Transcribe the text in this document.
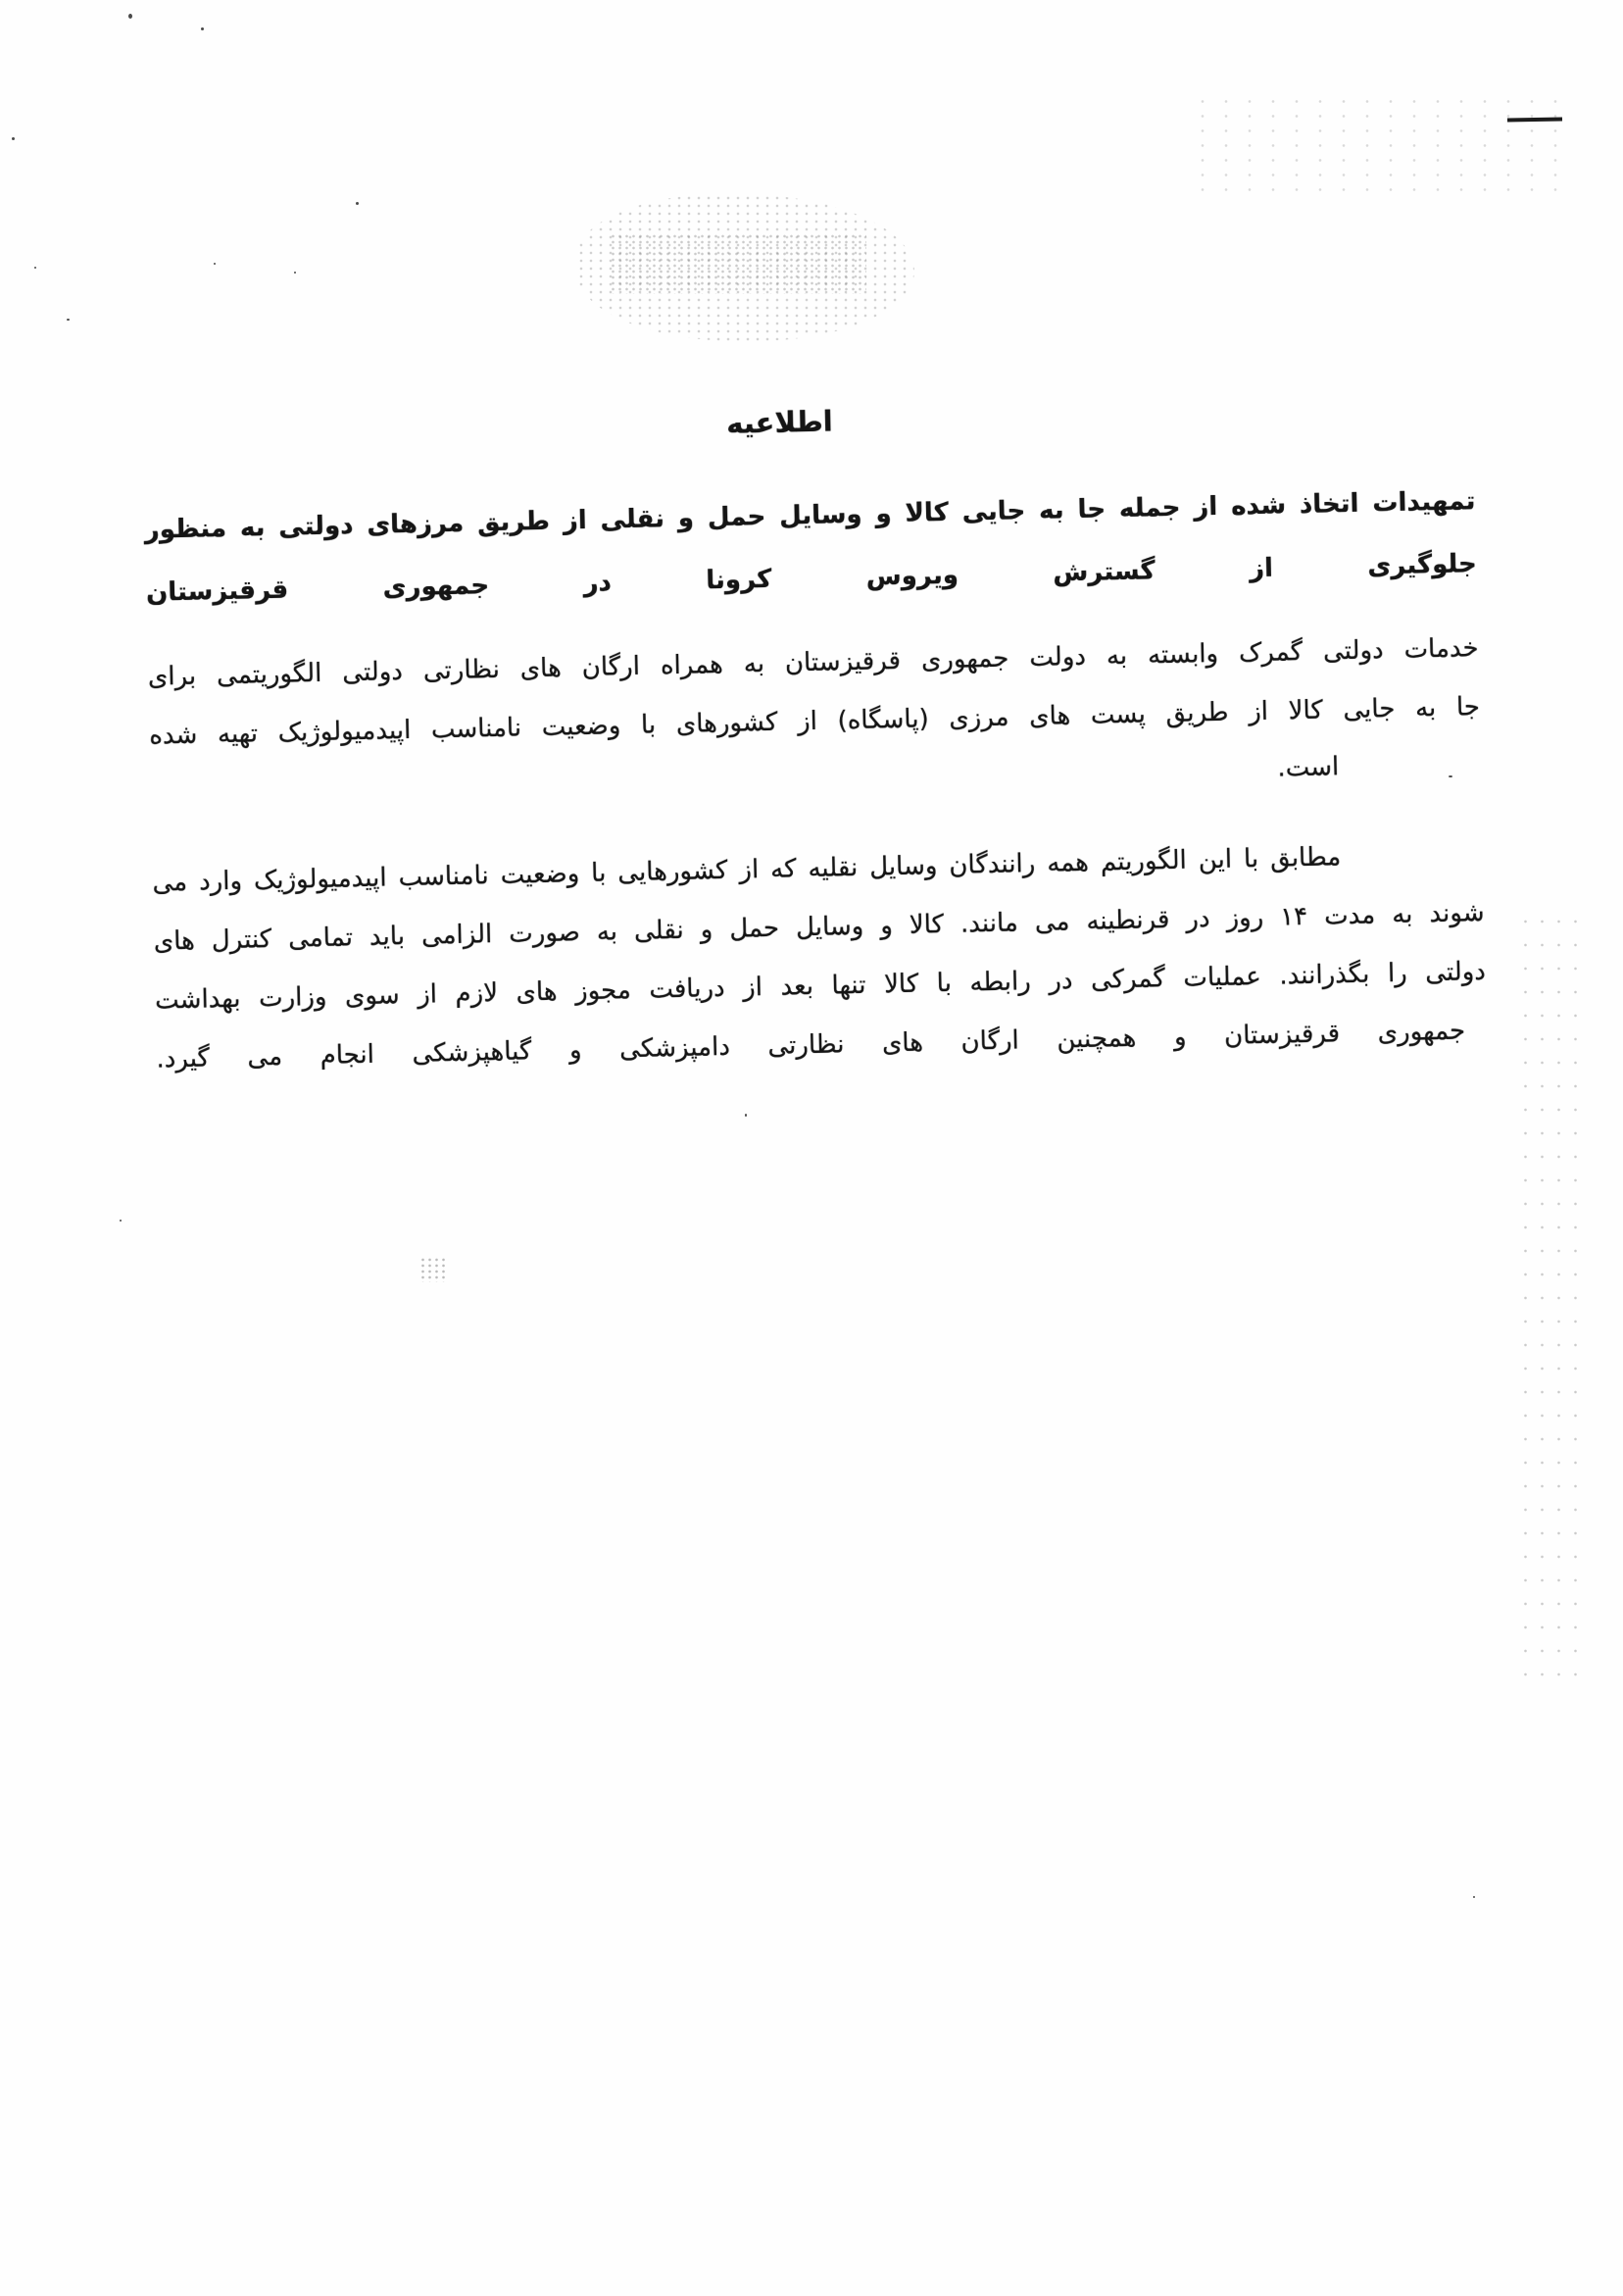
اطلاعیه
تمهیدات اتخاذ شده از جمله جا به جایی کالا و وسایل حمل و نقلی از طریق مرزهای دولتی به منظور
جلوگیری از گسترش ویروس کرونا در جمهوری قرقیزستان
خدمات دولتی گمرک وابسته به دولت جمهوری قرقیزستان به همراه ارگان های نظارتی دولتی الگوریتمی برای
جا به جایی کالا از طریق پست های مرزی (پاسگاه) از کشورهای با وضعیت نامناسب اپیدمیولوژیک تهیه شده
است.
مطابق با این الگوریتم همه رانندگان وسایل نقلیه که از کشورهایی با وضعیت نامناسب اپیدمیولوژیک وارد می
شوند به مدت ۱۴ روز در قرنطینه می مانند. کالا و وسایل حمل و نقلی به صورت الزامی باید تمامی کنترل های
دولتی را بگذرانند. عملیات گمرکی در رابطه با کالا تنها بعد از دریافت مجوز های لازم از سوی وزارت بهداشت
جمهوری قرقیزستان و همچنین ارگان های نظارتی دامپزشکی و گیاهپزشکی انجام می گیرد.
